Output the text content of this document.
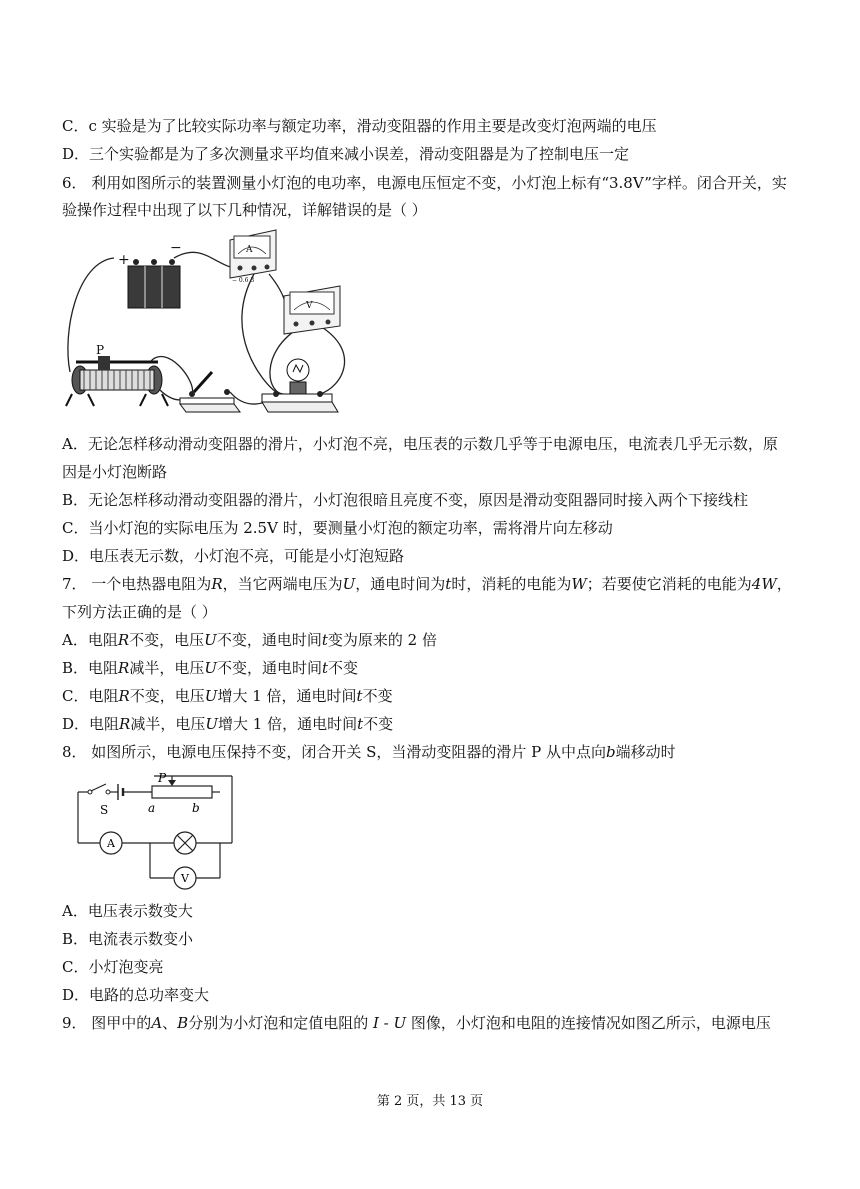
C．c 实验是为了比较实际功率与额定功率，滑动变阻器的作用主要是改变灯泡两端的电压
D．三个实验都是为了多次测量求平均值来减小误差，滑动变阻器是为了控制电压一定
6． 利用如图所示的装置测量小灯泡的电功率，电源电压恒定不变，小灯泡上标有“3.8V”字样。闭合开关，实
验操作过程中出现了以下几种情况，详解错误的是（ ）
+
−	A
− 0.6 3
V
P
A．无论怎样移动滑动变阻器的滑片，小灯泡不亮，电压表的示数几乎等于电源电压，电流表几乎无示数，原
因是小灯泡断路
B．无论怎样移动滑动变阻器的滑片，小灯泡很暗且亮度不变，原因是滑动变阻器同时接入两个下接线柱
C．当小灯泡的实际电压为 2.5V 时，要测量小灯泡的额定功率，需将滑片向左移动
D．电压表无示数，小灯泡不亮，可能是小灯泡短路
7． 一个电热器电阻为R，当它两端电压为U，通电时间为t时，消耗的电能为W；若要使它消耗的电能为4W，
下列方法正确的是（ ）
A．电阻R不变，电压U不变，通电时间t变为原来的 2 倍
B．电阻R减半，电压U不变，通电时间t不变
C．电阻R不变，电压U增大 1 倍，通电时间t不变
D．电阻R减半，电压U增大 1 倍，通电时间t不变
8． 如图所示，电源电压保持不变，闭合开关 S，当滑动变阻器的滑片 P 从中点向b端移动时
S
P
a	b
A
V
A．电压表示数变大
B．电流表示数变小
C．小灯泡变亮
D．电路的总功率变大
9． 图甲中的A、B分别为小灯泡和定值电阻的 I - U 图像，小灯泡和电阻的连接情况如图乙所示，电源电压
第 2 页，共 13 页
